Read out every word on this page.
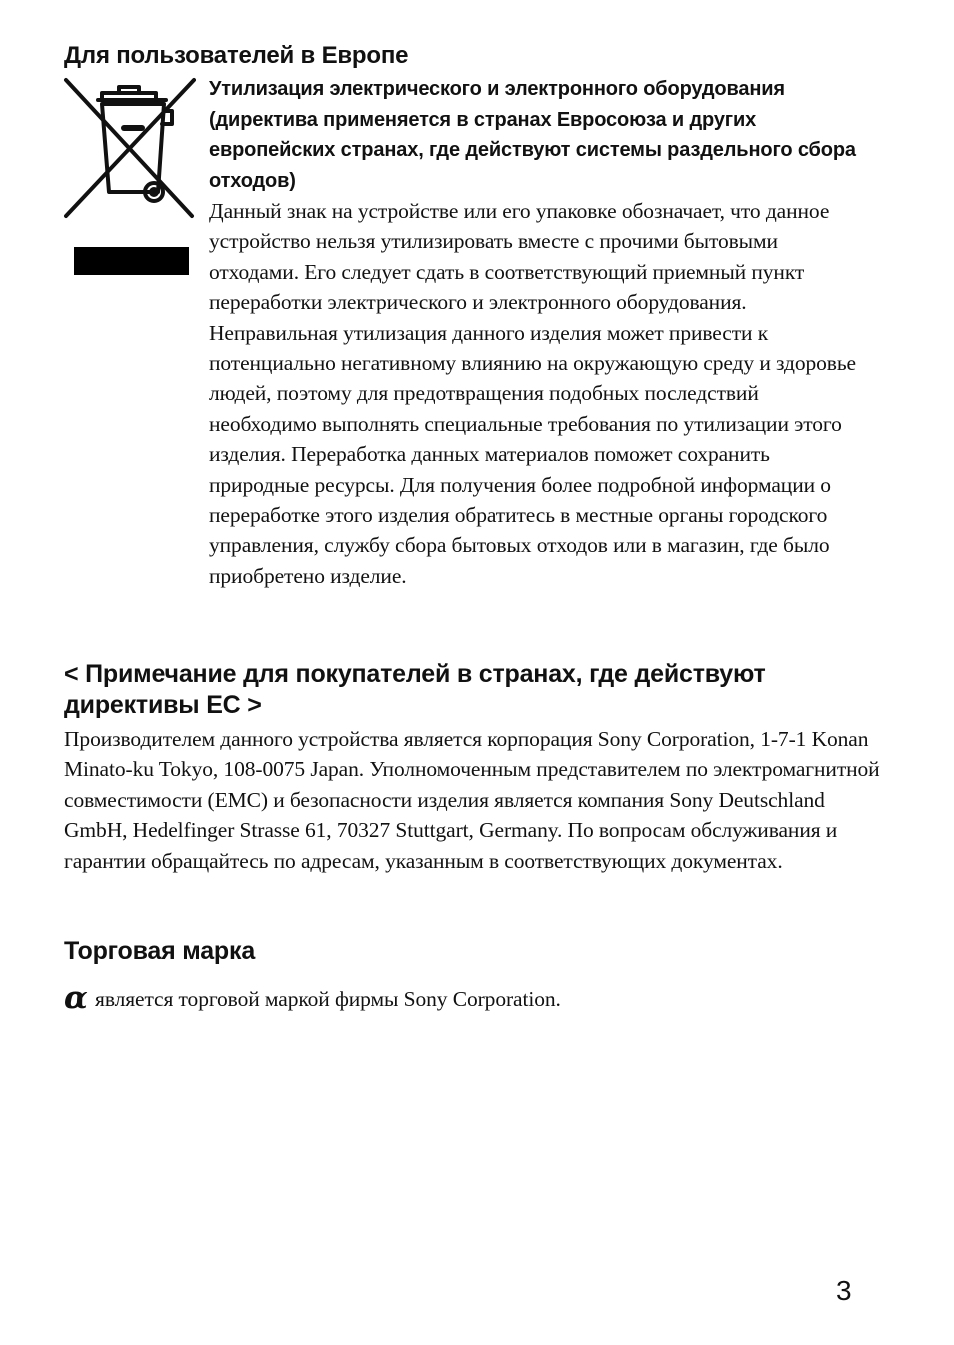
Для пользователей в Европе

Утилизация электрического и электронного оборудования (директива применяется в странах Евросоюза и других европейских странах, где действуют системы раздельного сбора отходов)

Данный знак на устройстве или его упаковке обозначает, что данное устройство нельзя утилизировать вместе с прочими бытовыми отходами. Его следует сдать в соответствующий приемный пункт переработки электрического и электронного оборудования. Неправильная утилизация данного изделия может привести к потенциально негативному влиянию на окружающую среду и здоровье людей, поэтому для предотвращения подобных последствий необходимо выполнять специальные требования по утилизации этого изделия. Переработка данных материалов поможет сохранить природные ресурсы. Для получения более подробной информации о переработке этого изделия обратитесь в местные органы городского управления, службу сбора бытовых отходов или в магазин, где было приобретено изделие.

< Примечание для покупателей в странах, где действуют директивы ЕС >

Производителем данного устройства является корпорация Sony Corporation, 1-7-1 Konan Minato-ku Tokyo, 108-0075 Japan. Уполномоченным представителем по электромагнитной совместимости (EMC) и безопасности изделия является компания Sony Deutschland GmbH, Hedelfinger Strasse 61, 70327 Stuttgart, Germany. По вопросам обслуживания и гарантии обращайтесь по адресам, указанным в соответствующих документах.

Торговая марка

α является торговой маркой фирмы Sony Corporation.

3
